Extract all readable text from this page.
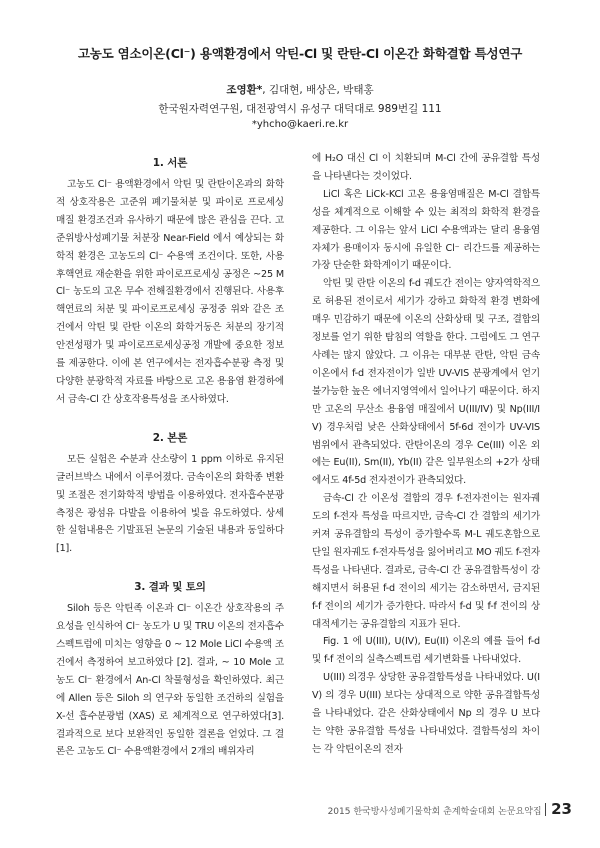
고농도 염소이온(Cl⁻) 용액환경에서 악틴-Cl 및 란탄-Cl 이온간 화학결합 특성연구
조영환*, 김대현, 배상은, 박태홍
한국원자력연구원, 대전광역시 유성구 대덕대로 989번길 111
*yhcho@kaeri.re.kr
1. 서론

고농도 Cl⁻ 용액환경에서 악틴 및 란탄이온과의 화학적 상호작용은 고준위 폐기물처분 및 파이로 프로세싱 매질 환경조건과 유사하기 때문에 많은 관심을 끈다. 고준위방사성폐기물 처분장 Near-Field 에서 예상되는 화학적 환경은 고농도의 Cl⁻ 수용액 조건이다. 또한, 사용후핵연료 재순환을 위한 파이로프로세싱 공정은 ~25 M Cl⁻ 농도의 고온 무수 전해질환경에서 진행된다. 사용후핵연료의 처분 및 파이로프로세싱 공정중 위와 같은 조건에서 악틴 및 란탄 이온의 화학거동은 처분의 장기적 안전성평가 및 파이로프로세싱공정 개발에 중요한 정보를 제공한다. 이에 본 연구에서는 전자흡수분광 측정 및 다양한 분광학적 자료를 바탕으로 고온 용융염 환경하에서 금속-Cl 간 상호작용특성을 조사하였다.

2. 본론

모든 실험은 수분과 산소량이 1 ppm 이하로 유지된 글러브박스 내에서 이루어졌다. 금속이온의 화학종 변환 및 조절은 전기화학적 방법을 이용하였다. 전자흡수분광 측정은 광섬유 다발을 이용하여 빛을 유도하였다. 상세한 실험내용은 기발표된 논문의 기술된 내용과 동일하다[1].

3. 결과 및 토의

Siloh 등은 악틴족 이온과 Cl⁻ 이온간 상호작용의 주요성을 인식하여 Cl⁻ 농도가 U 및 TRU 이온의 전자흡수스펙트럼에 미치는 영향을 0 ~ 12 Mole LiCl 수용액 조건에서 측정하여 보고하였다 [2]. 결과, ~ 10 Mole 고농도 Cl⁻ 환경에서 An-Cl 착물형성을 확인하였다. 최근에 Allen 등은 Siloh 의 연구와 동일한 조건하의 실험을 X-선 흡수분광법 (XAS) 로 체계적으로 연구하였다[3]. 결과적으로 보다 보완적인 동일한 결론을 얻었다. 그 결론은 고농도 Cl⁻ 수용액환경에서 2개의 배위자리

에 H₂O 대신 Cl 이 치환되며 M-Cl 간에 공유결합 특성을 나타낸다는 것이었다.

LiCl 혹은 LiCk-KCl 고온 용융염매질은 M-Cl 결합특성을 체계적으로 이해할 수 있는 최적의 화학적 환경을 제공한다. 그 이유는 앞서 LiCl 수용액과는 달리 용융염자체가 용매이자 동시에 유일한 Cl⁻ 리간드를 제공하는 가장 단순한 화학계이기 때문이다.

악틴 및 란탄 이온의 f-d 궤도간 전이는 양자역학적으로 허용된 전이로서 세기가 강하고 화학적 환경 변화에 매우 민감하기 때문에 이온의 산화상태 및 구조, 결합의 정보를 얻기 위한 탐침의 역할을 한다. 그럼에도 그 연구사례는 많지 않았다. 그 이유는 대부분 란탄, 악틴 금속이온에서 f-d 전자전이가 일반 UV-VIS 분광계에서 얻기 불가능한 높은 에너지영역에서 일어나기 때문이다. 하지만 고온의 무산소 용융염 매질에서 U(III/IV) 및 Np(III/IV) 경우처럼 낮은 산화상태에서 5f-6d 전이가 UV-VIS 범위에서 관측되었다. 란탄이온의 경우 Ce(III) 이온 외에는 Eu(II), Sm(II), Yb(II) 같은 일부원소의 +2가 상태에서도 4f-5d 전자전이가 관측되었다.

금속-Cl 간 이온성 결합의 경우 f-전자전이는 원자궤도의 f-전자 특성을 따르지만, 금속-Cl 간 결합의 세기가 커져 공유결합의 특성이 증가할수록 M-L 궤도혼합으로 단일 원자궤도 f-전자특성을 잃어버리고 MO 궤도 f-전자특성을 나타낸다. 결과로, 금속-Cl 간 공유결합특성이 강해지면서 허용된 f-d 전이의 세기는 감소하면서, 금지된 f-f 전이의 세기가 증가한다. 따라서 f-d 및 f-f 전이의 상대적세기는 공유결합의 지표가 된다.

Fig. 1 에 U(III), U(IV), Eu(II) 이온의 예를 들어 f-d 및 f-f 전이의 실측스펙트럼 세기변화를 나타내었다.

U(III) 의경우 상당한 공유결합특성을 나타내었다. U(IV) 의 경우 U(III) 보다는 상대적으로 약한 공유결합특성을 나타내었다. 같은 산화상태에서 Np 의 경우 U 보다는 약한 공유결합 특성을 나타내었다. 결합특성의 차이는 각 악틴이온의 전자

2015 한국방사성폐기물학회 춘계학술대회 논문요약집 23
